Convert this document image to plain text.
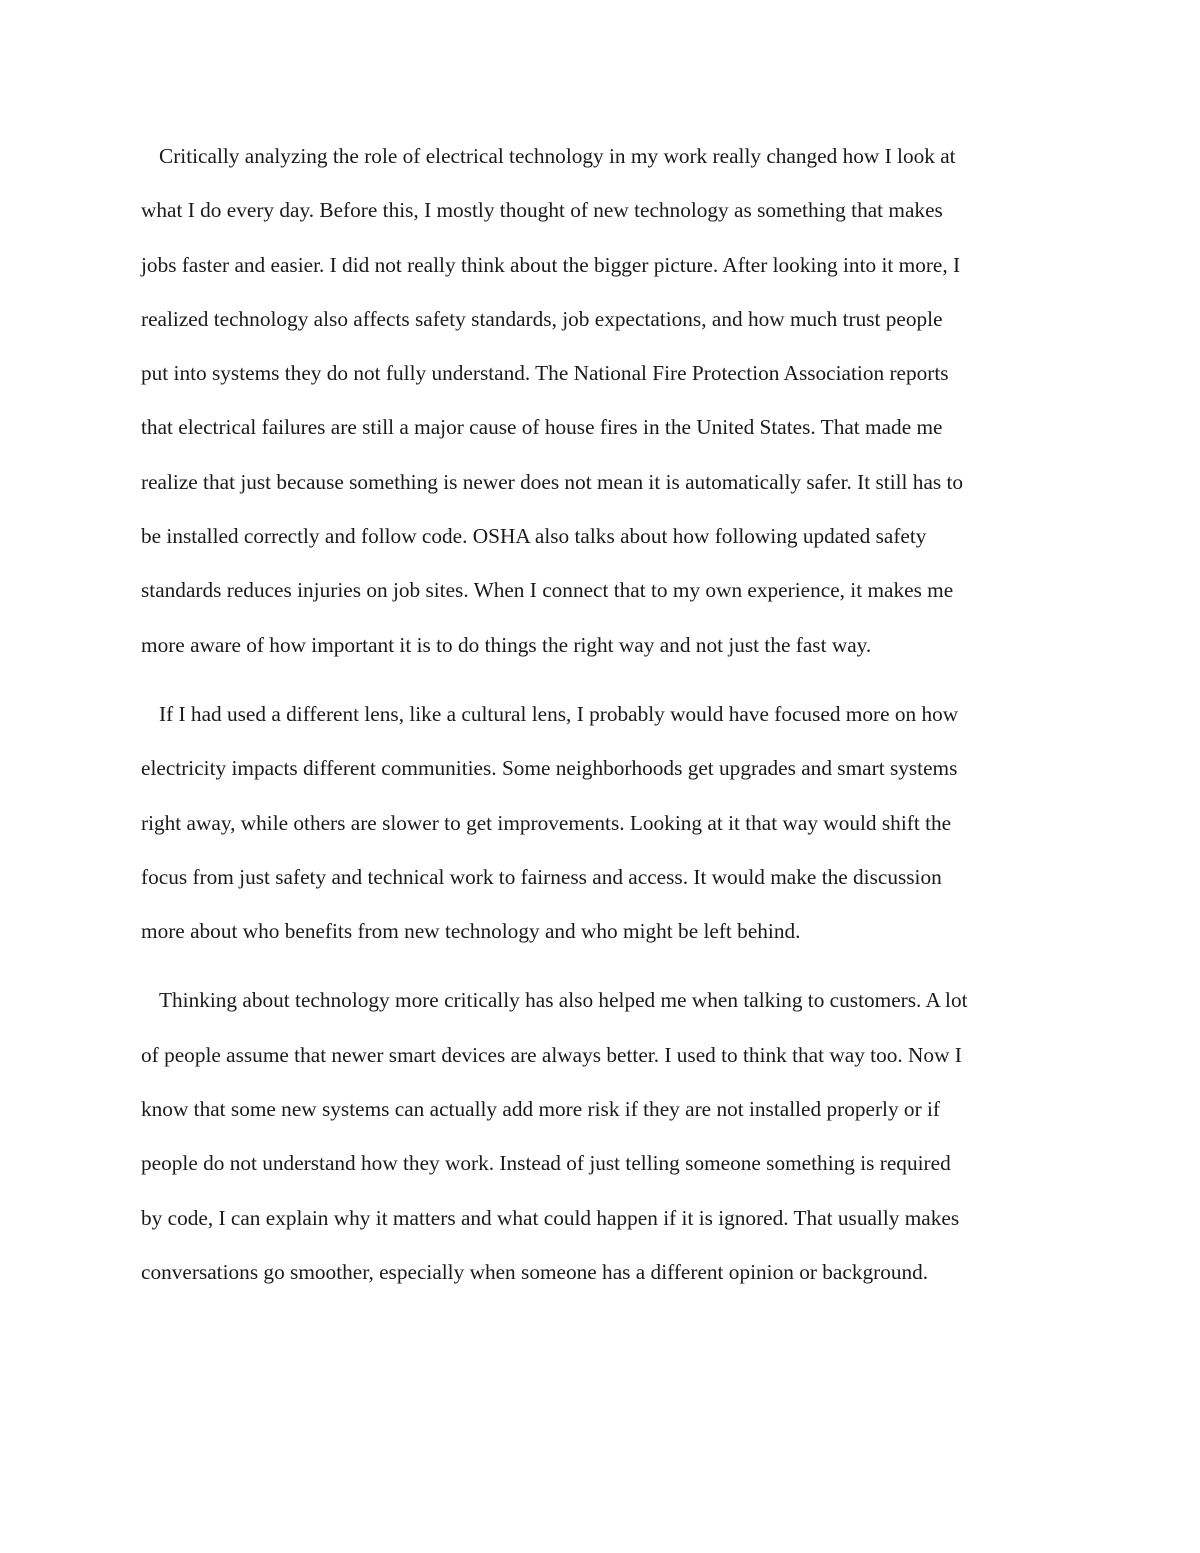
Critically analyzing the role of electrical technology in my work really changed how I look at
what I do every day. Before this, I mostly thought of new technology as something that makes
jobs faster and easier. I did not really think about the bigger picture. After looking into it more, I
realized technology also affects safety standards, job expectations, and how much trust people
put into systems they do not fully understand. The National Fire Protection Association reports
that electrical failures are still a major cause of house fires in the United States. That made me
realize that just because something is newer does not mean it is automatically safer. It still has to
be installed correctly and follow code. OSHA also talks about how following updated safety
standards reduces injuries on job sites. When I connect that to my own experience, it makes me
more aware of how important it is to do things the right way and not just the fast way.
If I had used a different lens, like a cultural lens, I probably would have focused more on how
electricity impacts different communities. Some neighborhoods get upgrades and smart systems
right away, while others are slower to get improvements. Looking at it that way would shift the
focus from just safety and technical work to fairness and access. It would make the discussion
more about who benefits from new technology and who might be left behind.
Thinking about technology more critically has also helped me when talking to customers. A lot
of people assume that newer smart devices are always better. I used to think that way too. Now I
know that some new systems can actually add more risk if they are not installed properly or if
people do not understand how they work. Instead of just telling someone something is required
by code, I can explain why it matters and what could happen if it is ignored. That usually makes
conversations go smoother, especially when someone has a different opinion or background.
